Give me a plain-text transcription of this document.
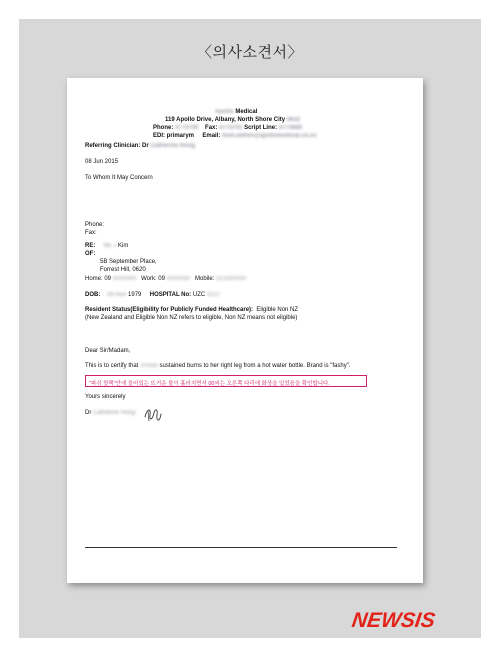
〈의사소견서〉
Apollo Medical
119 Apollo Drive, Albany, North Shore City 0632
Phone: 4773700 Fax: 4773701 Script Line: 4773880
EDI: primarym Email: med.admin@apollomedical.co.nz
Referring Clinician: Dr Catherine Hong
08 Jun 2015
To Whom It May Concern
Phone:
Fax:
RE: Ms J Kim
OF:
5B September Place,
Forrest Hill, 0620
Home: 09 0000000 Work: 09 0000000 Mobile: 021000000
DOB: 09-Nov 1979 HOSPITAL No: UZC 4137
Resident Status(Eligibility for Publicly Funded Healthcare): Eligible Non NZ
(New Zealand and Eligible Non NZ refers to eligible, Non NZ means not eligible)
Dear Sir/Madam,
This is to certify that JiYoun sustained burns to her right leg from a hot water bottle. Brand is "fashy".
"파쉬 핫팩"안에 들어있는 뜨거운 물이 흘러지면서 00씨는 오른쪽 다리에 화상을 입었음을 확인합니다.
Yours sincerely
Dr Catherine Hong
NEWSIS
